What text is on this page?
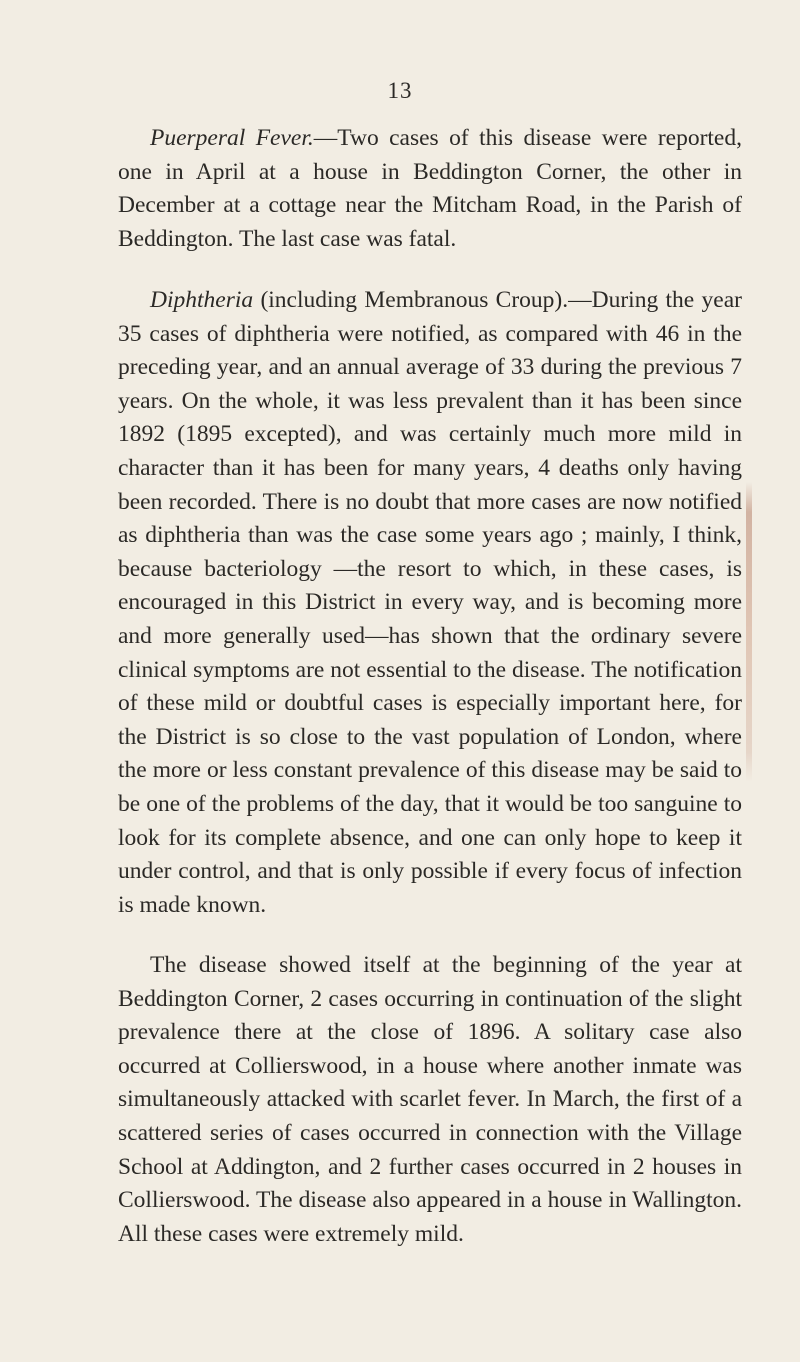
13

Puerperal Fever.—Two cases of this disease were reported, one in April at a house in Beddington Corner, the other in December at a cottage near the Mitcham Road, in the Parish of Beddington. The last case was fatal.

Diphtheria (including Membranous Croup).—During the year 35 cases of diphtheria were notified, as compared with 46 in the preceding year, and an annual average of 33 during the previous 7 years. On the whole, it was less prevalent than it has been since 1892 (1895 excepted), and was certainly much more mild in character than it has been for many years, 4 deaths only having been recorded. There is no doubt that more cases are now notified as diphtheria than was the case some years ago ; mainly, I think, because bacteriology —the resort to which, in these cases, is encouraged in this District in every way, and is becoming more and more generally used—has shown that the ordinary severe clinical symptoms are not essential to the disease. The notification of these mild or doubtful cases is especially important here, for the District is so close to the vast population of London, where the more or less constant prevalence of this disease may be said to be one of the problems of the day, that it would be too sanguine to look for its complete absence, and one can only hope to keep it under control, and that is only possible if every focus of infection is made known.

The disease showed itself at the beginning of the year at Beddington Corner, 2 cases occurring in continuation of the slight prevalence there at the close of 1896. A solitary case also occurred at Collierswood, in a house where another inmate was simultaneously attacked with scarlet fever. In March, the first of a scattered series of cases occurred in connection with the Village School at Addington, and 2 further cases occurred in 2 houses in Collierswood. The disease also appeared in a house in Wallington. All these cases were extremely mild.
